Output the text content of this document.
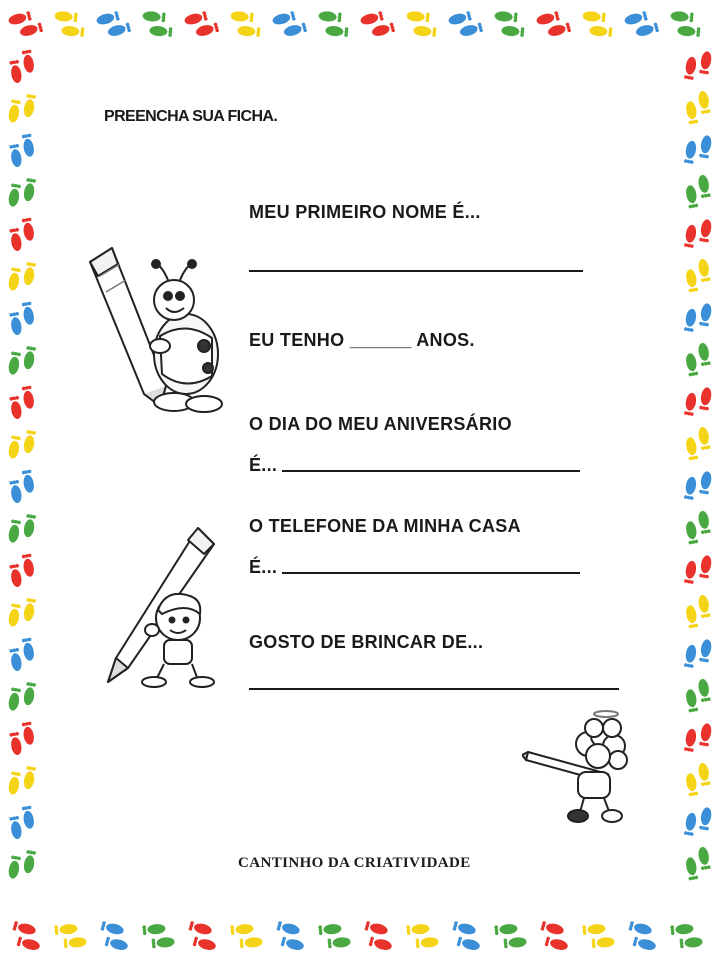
PREENCHA SUA FICHA.

MEU PRIMEIRO NOME É...

EU TENHO ______ ANOS.

O DIA DO MEU ANIVERSÁRIO

É...

O TELEFONE DA MINHA CASA

É...

GOSTO DE BRINCAR DE...

CANTINHO DA CRIATIVIDADE
